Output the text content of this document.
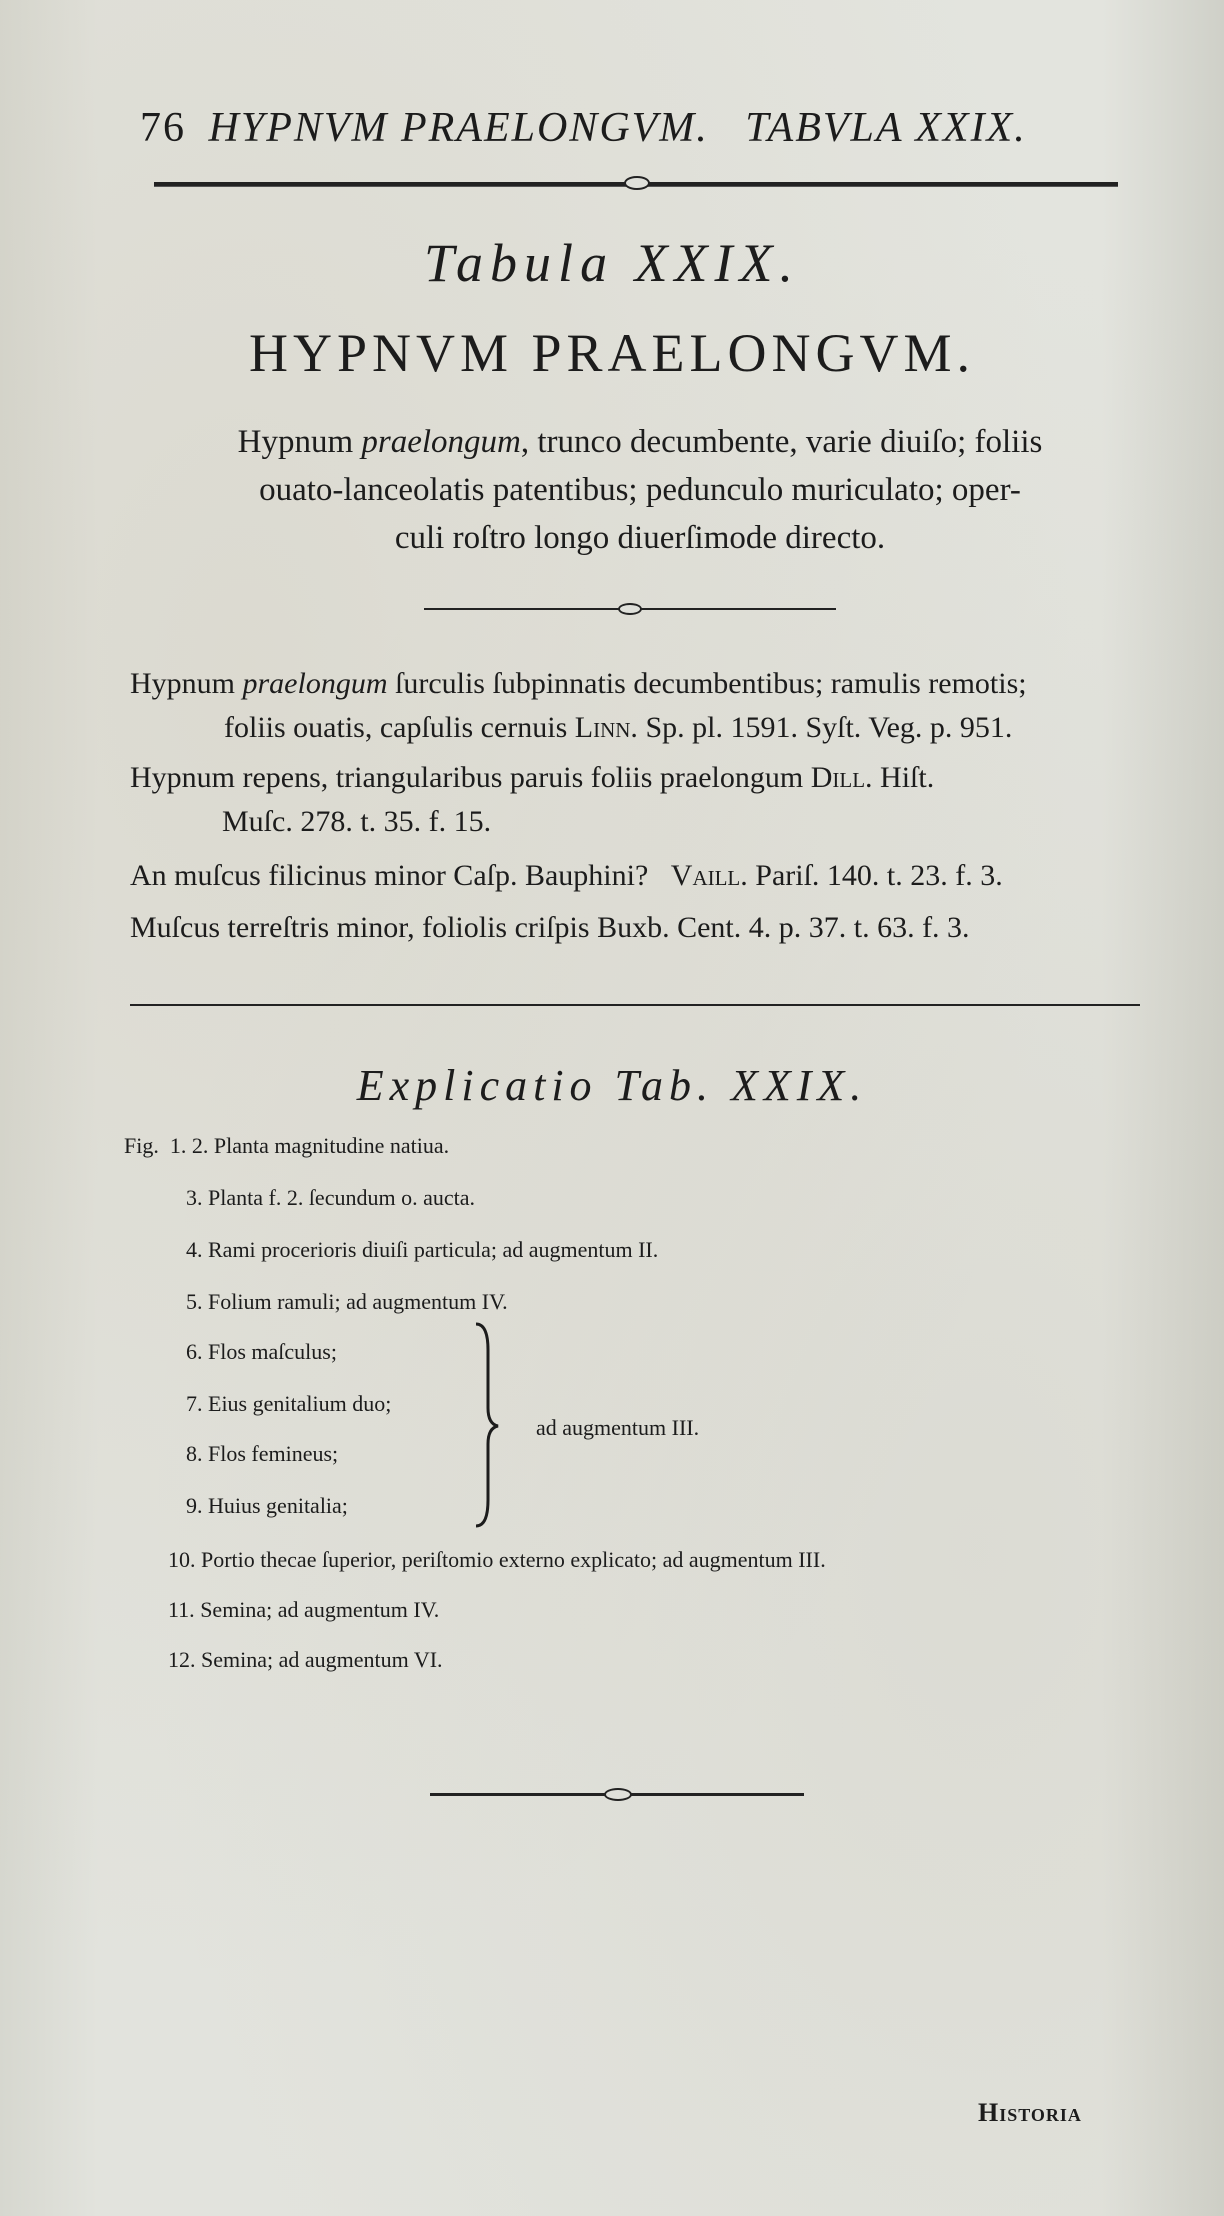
76 HYPNVM PRAELONGVM. TABVLA XXIX.
Tabula XXIX.
HYPNVM PRAELONGVM.
Hypnum praelongum, trunco decumbente, varie diuiſo; foliis
ouato-lanceolatis patentibus; pedunculo muriculato; oper-
culi roſtro longo diuerſimode directo.
Hypnum praelongum ſurculis ſubpinnatis decumbentibus; ramulis remotis;
foliis ouatis, capſulis cernuis Linn. Sp. pl. 1591. Syſt. Veg. p. 951.
Hypnum repens, triangularibus paruis foliis praelongum Dill. Hiſt.
Muſc. 278. t. 35. f. 15.
An muſcus filicinus minor Caſp. Bauphini? Vaill. Pariſ. 140. t. 23. f. 3.
Muſcus terreſtris minor, foliolis criſpis Buxb. Cent. 4. p. 37. t. 63. f. 3.
Explicatio Tab. XXIX.
Fig. 1. 2. Planta magnitudine natiua.
3. Planta f. 2. ſecundum o. aucta.
4. Rami procerioris diuiſi particula; ad augmentum II.
5. Folium ramuli; ad augmentum IV.
6. Flos maſculus;
7. Eius genitalium duo;
8. Flos femineus;
9. Huius genitalia;
ad augmentum III.
10. Portio thecae ſuperior, periſtomio externo explicato; ad augmentum III.
11. Semina; ad augmentum IV.
12. Semina; ad augmentum VI.
Historia
